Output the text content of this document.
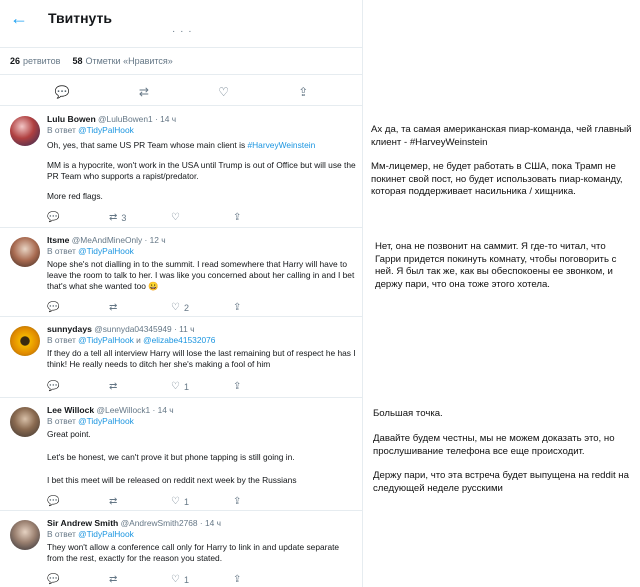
← Твитнуть
· · ·
26 ретвитов 58 Отметки «Нравится»
💬	⇄	♡	⇪
Lulu Bowen @LuluBowen1 · 14 ч
В ответ @TidyPalHook
Oh, yes, that same US PR Team whose main client is #HarveyWeinstein
MM is a hypocrite, won't work in the USA until Trump is out of Office but will use the PR Team who supports a rapist/predator.
More red flags.
💬	⇄ 3	♡	⇪
Itsme @MeAndMineOnly · 12 ч
В ответ @TidyPalHook
Nope she's not dialling in to the summit. I read somewhere that Harry will have to leave the room to talk to her. I was like you concerned about her calling in and I bet that's what she wanted too 😀
💬	⇄	♡ 2	⇪
sunnydays @sunnyda04345949 · 11 ч
В ответ @TidyPalHook и @elizabe41532076
If they do a tell all interview Harry will lose the last remaining but of respect he has I think! He really needs to ditch her she's making a fool of him
💬	⇄	♡ 1	⇪
Lee Willock @LeeWillock1 · 14 ч
В ответ @TidyPalHook
Great point.
Let's be honest, we can't prove it but phone tapping is still going in.
I bet this meet will be released on reddit next week by the Russians
💬	⇄	♡ 1	⇪
Sir Andrew Smith @AndrewSmith2768 · 14 ч
В ответ @TidyPalHook
They won't allow a conference call only for Harry to link in and update separate from the rest, exactly for the reason you stated.
💬	⇄	♡ 1	⇪
Ах да, та самая американская пиар-команда, чей главный клиент - #HarveyWeinstein
Мм-лицемер, не будет работать в США, пока Трамп не покинет свой пост, но будет использовать пиар-команду, которая поддерживает насильника / хищника.
Нет, она не позвонит на саммит. Я где-то читал, что Гарри придется покинуть комнату, чтобы поговорить с ней. Я был так же, как вы обеспокоены ее звонком, и держу пари, что она тоже этого хотела.
Большая точка.
Давайте будем честны, мы не можем доказать это, но прослушивание телефона все еще происходит.
Держу пари, что эта встреча будет выпущена на reddit на следующей неделе русскими
